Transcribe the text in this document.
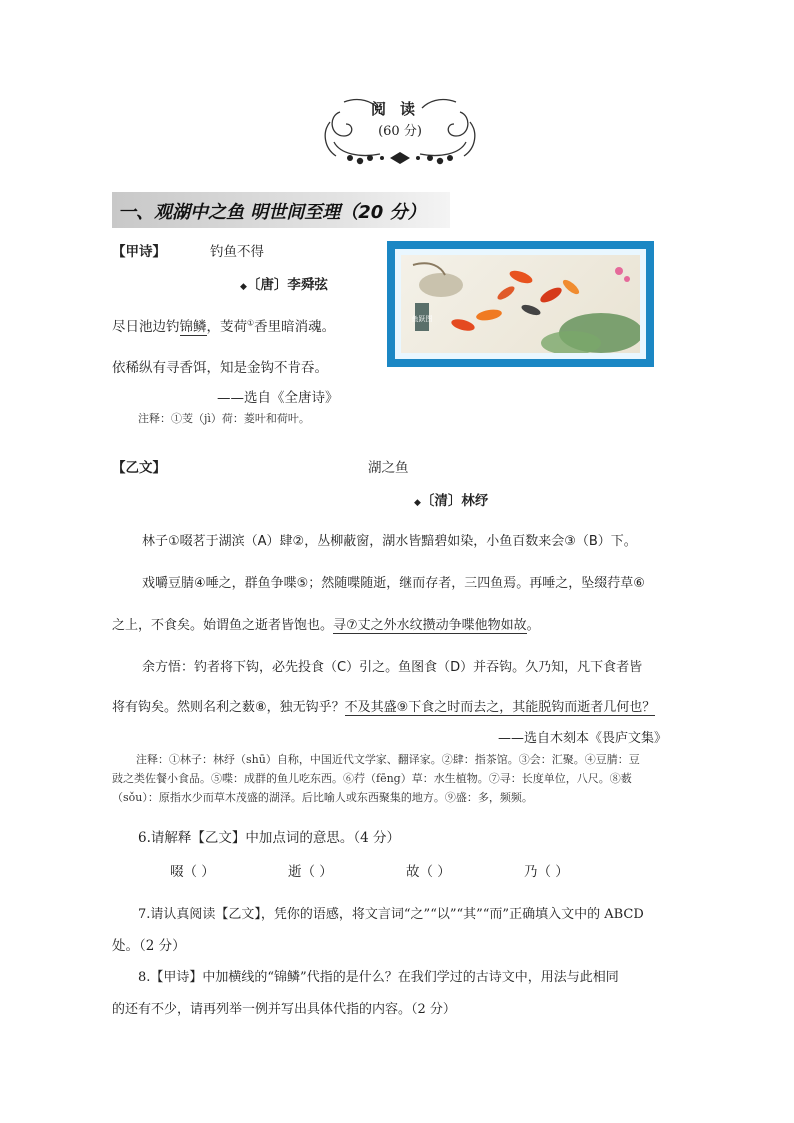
阅读
(60 分)
一、观湖中之鱼 明世间至理（20 分）
【甲诗】	钓鱼不得
◆〔唐〕李舜弦
尽日池边钓锦鳞，芰荷①香里暗消魂。
依稀纵有寻香饵，知是金钩不肯吞。
——选自《全唐诗》
注释：①芰（jì）荷：菱叶和荷叶。
鱼跃图
【乙文】	湖之鱼
◆〔清〕林纾
林子①啜茗于湖滨（A）肆②，丛柳蔽窗，湖水皆黯碧如染，小鱼百数来会③（B）下。
戏嚼豆腈④唾之，群鱼争喋⑤；然随喋随逝，继而存者，三四鱼焉。再唾之，坠缀荇草⑥
之上，不食矣。始谓鱼之逝者皆饱也。寻⑦丈之外水纹攒动争喋他物如故。
余方悟：钓者将下钩，必先投食（C）引之。鱼图食（D）并吞钩。久乃知，凡下食者皆
将有钩矣。然则名利之薮⑧，独无钩乎？不及其盛⑨下食之时而去之，其能脱钩而逝者几何也？
——选自木刻本《畏庐文集》
注释：①林子：林纾（shū）自称，中国近代文学家、翻译家。②肆：指茶馆。③会：汇聚。④豆腈：豆
豉之类佐餐小食品。⑤喋：成群的鱼儿吃东西。⑥荇（fēng）草：水生植物。⑦寻：长度单位，八尺。⑧薮
（sǒu）：原指水少而草木茂盛的湖泽。后比喻人或东西聚集的地方。⑨盛：多，频频。
6.请解释【乙文】中加点词的意思。（4 分）
啜（ ）	逝（ ）	故（ ）	乃（ ）
7.请认真阅读【乙文】，凭你的语感，将文言词“之”“以”“其”“而”正确填入文中的 ABCD
处。（2 分）
8.【甲诗】中加横线的“锦鳞”代指的是什么？在我们学过的古诗文中，用法与此相同
的还有不少，请再列举一例并写出具体代指的内容。（2 分）
